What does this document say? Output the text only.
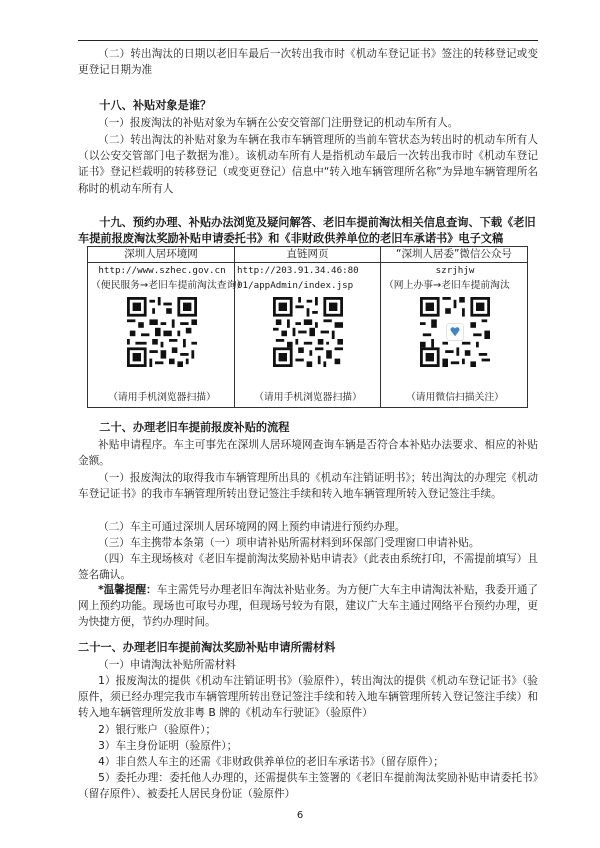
（二）转出淘汰的日期以老旧车最后一次转出我市时《机动车登记证书》签注的转移登记或变更登记日期为准

十八、补贴对象是谁？

（一）报废淘汰的补贴对象为车辆在公安交管部门注册登记的机动车所有人。

（二）转出淘汰的补贴对象为车辆在我市车辆管理所的当前车管状态为转出时的机动车所有人（以公安交管部门电子数据为准）。该机动车所有人是指机动车最后一次转出我市时《机动车登记证书》登记栏载明的转移登记（或变更登记）信息中“转入地车辆管理所名称”为异地车辆管理所名称时的机动车所有人

十九、预约办理、补贴办法浏览及疑问解答、老旧车提前淘汰相关信息查询、下载《老旧车提前报废淘汰奖励补贴申请委托书》和《非财政供养单位的老旧车承诺书》电子文稿

深圳人居环境网	直链网页	“深圳人居委”微信公众号

http://www.szhec.gov.cn

（便民服务→老旧车提前淘汰查询）

（请用手机浏览器扫描）

http://203.91.34.46:80

01/appAdmin/index.jsp

（请用手机浏览器扫描）

szrjhjw

（网上办事→老旧车提前淘汰

（请用微信扫描关注）

二十、办理老旧车提前报废补贴的流程

补贴申请程序。车主可事先在深圳人居环境网查询车辆是否符合本补贴办法要求、相应的补贴金额。

（一）报废淘汰的取得我市车辆管理所出具的《机动车注销证明书》；转出淘汰的办理完《机动车登记证书》的我市车辆管理所转出登记签注手续和转入地车辆管理所转入登记签注手续。

（二）车主可通过深圳人居环境网的网上预约申请进行预约办理。

（三）车主携带本条第（一）项申请补贴所需材料到环保部门受理窗口申请补贴。

（四）车主现场核对《老旧车提前淘汰奖励补贴申请表》（此表由系统打印，不需提前填写）且签名确认。

*温馨提醒：车主需凭号办理老旧车淘汰补贴业务。为方便广大车主申请淘汰补贴，我委开通了网上预约功能。现场也可取号办理，但现场号较为有限，建议广大车主通过网络平台预约办理，更为快捷方便，节约办理时间。

二十一、办理老旧车提前淘汰奖励补贴申请所需材料

（一）申请淘汰补贴所需材料

1）报废淘汰的提供《机动车注销证明书》（验原件），转出淘汰的提供《机动车登记证书》（验原件，须已经办理完我市车辆管理所转出登记签注手续和转入地车辆管理所转入登记签注手续）和转入地车辆管理所发放非粤 B 牌的《机动车行驶证》（验原件）

2）银行账户（验原件）；

3）车主身份证明（验原件）；

4）非自然人车主的还需《非财政供养单位的老旧车承诺书》（留存原件）；

5）委托办理：委托他人办理的，还需提供车主签署的《老旧车提前淘汰奖励补贴申请委托书》（留存原件）、被委托人居民身份证（验原件）

6
